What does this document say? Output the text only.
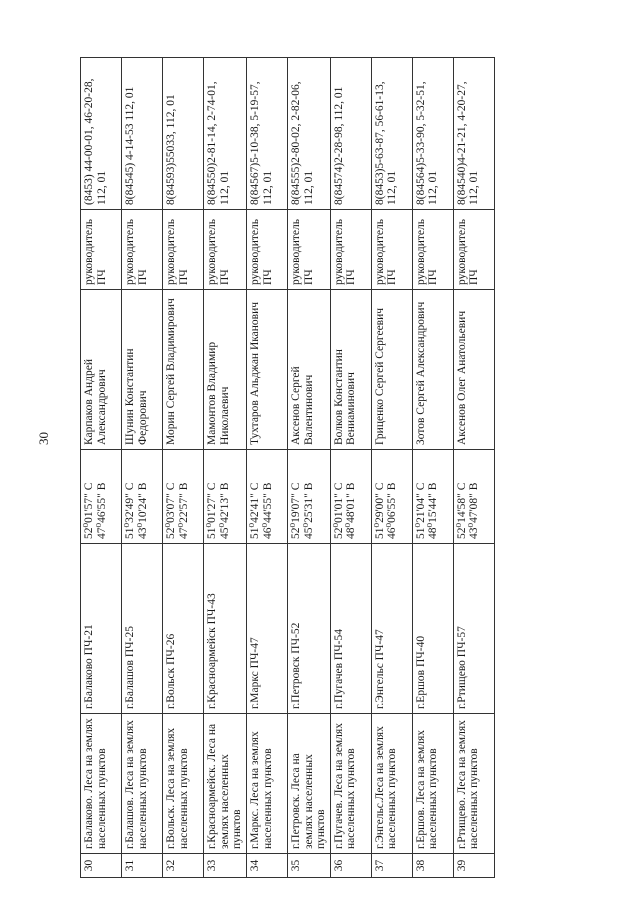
30
30	г.Балаково. Леса на землях населенных пунктов	г.Балаково ПЧ-21	52⁰01'57" С 47⁰46'55" В	Карпаков Андрей Александрович	руководитель ПЧ	(8453) 44-00-01, 46-20-28, 112, 01
31	г.Балашов. Леса на землях населенных пунктов	г.Балашов ПЧ-25	51⁰32'49" С 43⁰10'24" В	Шунин Константин Федорович	руководитель ПЧ	8(84545) 4-14-53 112, 01
32	г.Вольск. Леса на землях населенных пунктов	г.Вольск ПЧ-26	52⁰03'07" С 47⁰22'57" В	Морин Сергей Владимирович	руководитель ПЧ	8(84593)55033, 112, 01
33	г.Красноармейск. Леса на землях населенных пунктов	г.Красноармейск ПЧ-43	51⁰01'27" С 45⁰42'13" В	Мамонтов Владимир Николаевич	руководитель ПЧ	8(84550)2-81-14, 2-74-01, 112, 01
34	г.Маркс. Леса на землях населенных пунктов	г.Маркс ПЧ-47	51⁰42'41" С 46⁰44'55" В	Тухтаров Альджан Иканович	руководитель ПЧ	8(84567)5-10-38, 5-19-57, 112, 01
35	г.Петровск. Леса на землях населенных пунктов	г.Петровск ПЧ-52	52⁰19'07" С 45⁰25'31" В	Аксенов Сергей Валентинович	руководитель ПЧ	8(84555)2-80-02, 2-82-06, 112, 01
36	г.Пугачев. Леса на землях населенных пунктов	г.Пугачев ПЧ-54	52⁰01'01" С 48⁰48'01" В	Волков Константин Вениаминович	руководитель ПЧ	8(84574)2-28-98, 112, 01
37	г.Энгельс.Леса на землях населенных пунктов	г.Энгельс ПЧ-47	51⁰29'00" С 46⁰06'55" В	Гриценко Сергей Сергеевич	руководитель ПЧ	8(8453)5-63-87, 56-61-13, 112, 01
38	г.Ершов. Леса на землях населенных пунктов	г.Ершов ПЧ-40	51⁰21'04" С 48⁰15'44" В	Зотов Сергей Александрович	руководитель ПЧ	8(84564)5-33-90, 5-32-51, 112, 01
39	г.Ртищево. Леса на землях населенных пунктов	г.Ртищево ПЧ-57	52⁰14'58" С 43⁰47'08" В	Аксенов Олег Анатольевич	руководитель ПЧ	8(84540)4-21-21, 4-20-27, 112, 01
